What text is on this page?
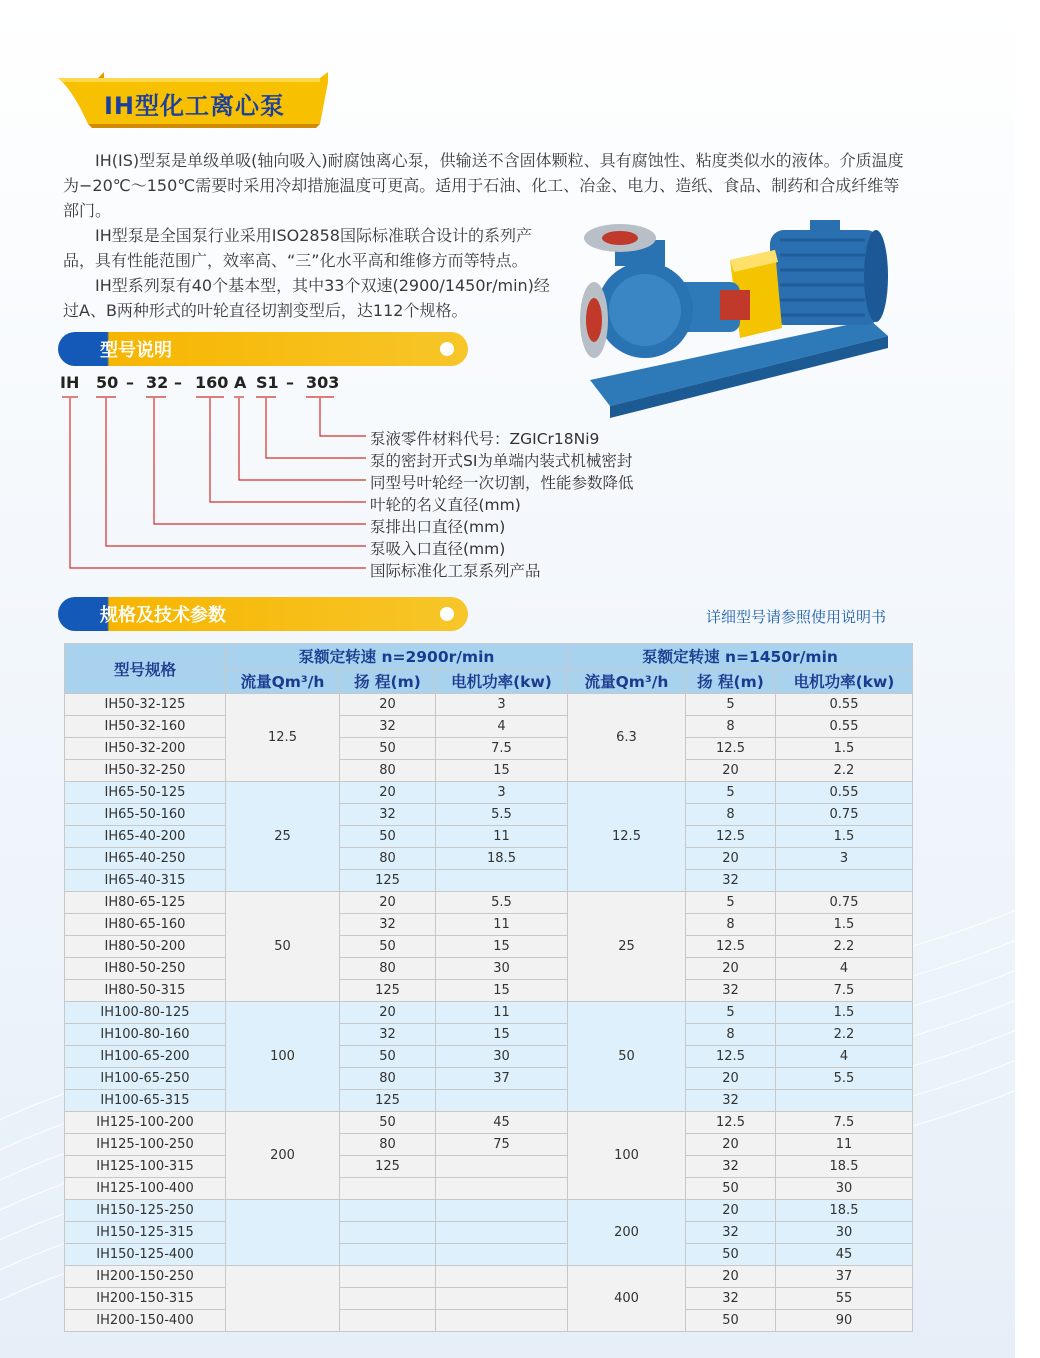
IH型化工离心泵

IH(IS)型泵是单级单吸(轴向吸入)耐腐蚀离心泵，供输送不含固体颗粒、具有腐蚀性、粘度类似水的液体。介质温度为−20℃～150℃需要时采用冷却措施温度可更高。适用于石油、化工、冶金、电力、造纸、食品、制药和合成纤维等部门。

IH型泵是全国泵行业采用ISO2858国际标准联合设计的系列产品，具有性能范围广，效率高、“三”化水平高和维修方而等特点。

IH型系列泵有40个基本型，其中33个双速(2900/1450r/min)经过A、B两种形式的叶轮直径切割变型后，达112个规格。

型号说明
IH 50 – 32 – 160 A S1 – 303
泵液零件材料代号：ZGICr18Ni9
泵的密封开式SI为单端内装式机械密封
同型号叶轮经一次切割，性能参数降低
叶轮的名义直径(mm)
泵排出口直径(mm)
泵吸入口直径(mm)
国际标准化工泵系列产品
规格及技术参数	详细型号请参照使用说明书
型号规格	泵额定转速 n=2900r/min			泵额定转速 n=1450r/min		
	流量Qm³/h	扬 程(m)	电机功率(kw)	流量Qm³/h	扬 程(m)	电机功率(kw)
IH50-32-125	12.5	20	3	6.3	5	0.55
IH50-32-160		32	4		8	0.55
IH50-32-200		50	7.5		12.5	1.5
IH50-32-250		80	15		20	2.2
IH65-50-125	25	20	3	12.5	5	0.55
IH65-50-160		32	5.5		8	0.75
IH65-40-200		50	11		12.5	1.5
IH65-40-250		80	18.5		20	3
IH65-40-315		125			32	
IH80-65-125	50	20	5.5	25	5	0.75
IH80-65-160		32	11		8	1.5
IH80-50-200		50	15		12.5	2.2
IH80-50-250		80	30		20	4
IH80-50-315		125	15		32	7.5
IH100-80-125	100	20	11	50	5	1.5
IH100-80-160		32	15		8	2.2
IH100-65-200		50	30		12.5	4
IH100-65-250		80	37		20	5.5
IH100-65-315		125			32	
IH125-100-200	200	50	45	100	12.5	7.5
IH125-100-250		80	75		20	11
IH125-100-315		125			32	18.5
IH125-100-400					50	30
IH150-125-250				200	20	18.5
IH150-125-315					32	30
IH150-125-400					50	45
IH200-150-250				400	20	37
IH200-150-315					32	55
IH200-150-400					50	90
